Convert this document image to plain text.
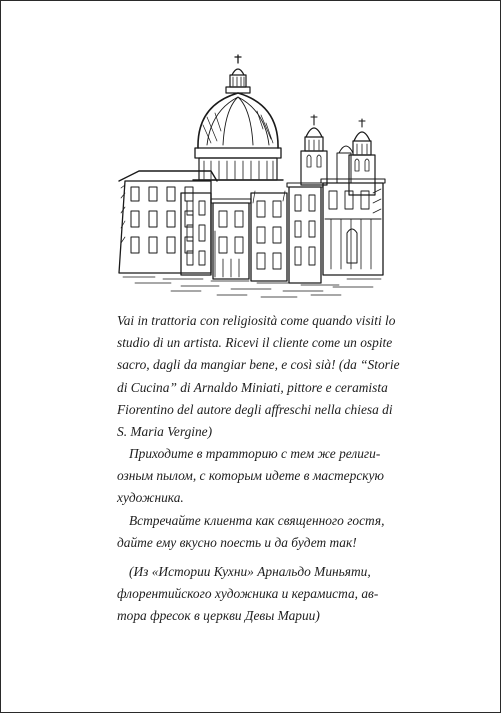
Vai in trattoria con religiosità come quando visiti lo
studio di un artista. Ricevi il cliente come un ospite
sacro, dagli da mangiar bene, e così sià! (da “Storie
di Cucina” di Arnaldo Miniati, pittore e ceramista
Fiorentino del autore degli affreschi nella chiesa di
S. Maria Vergine)
Приходите в тратторию с тем же религи-
озным пылом, с которым идете в мастерскую
художника.
Встречайте клиента как священного гостя,
дайте ему вкусно поесть и да будет так!
(Из «Истории Кухни» Арнальдо Миньяти,
флорентийского художника и керамиста, ав-
тора фресок в церкви Девы Марии)
